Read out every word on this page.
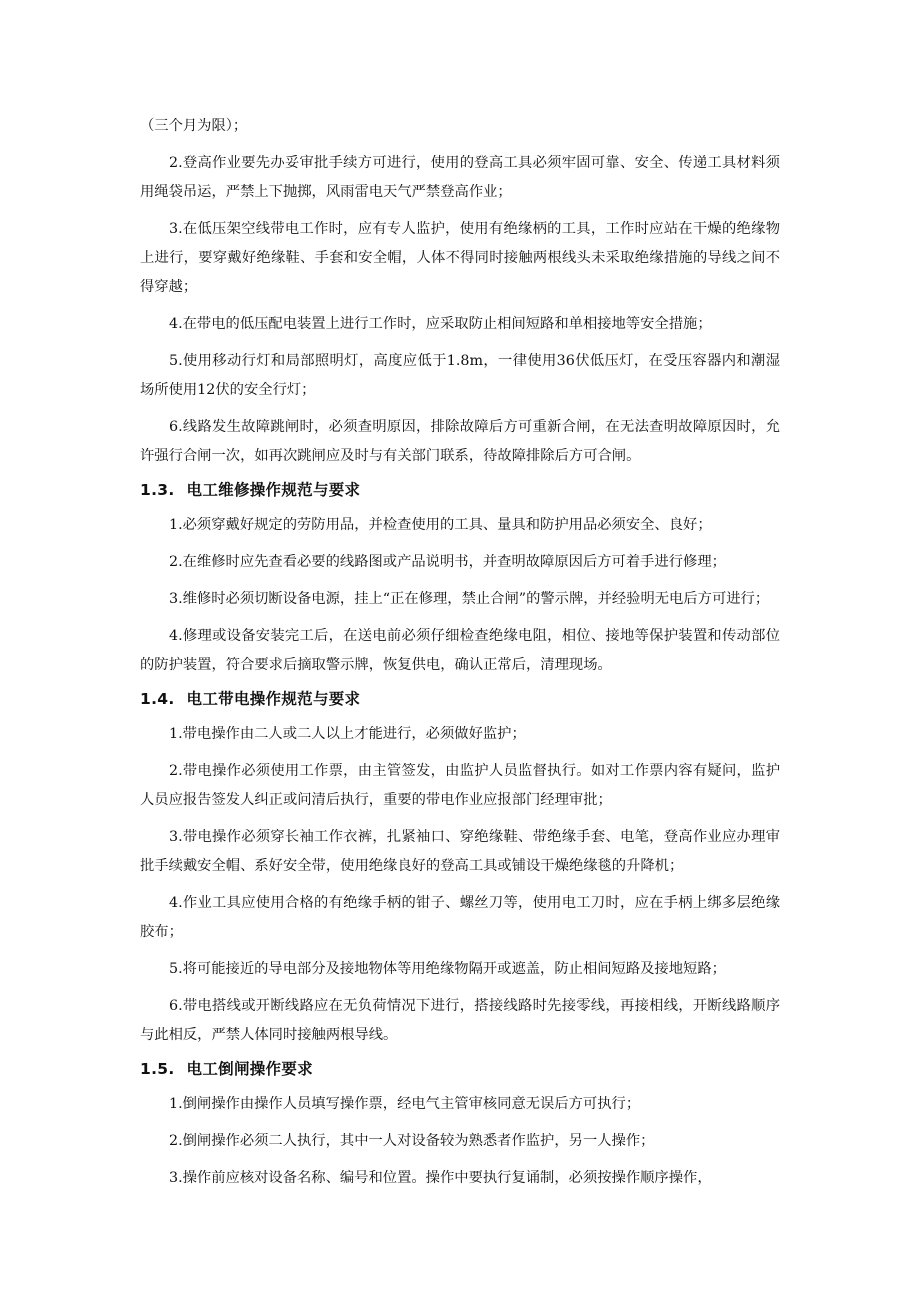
（三个月为限）；

2.登高作业要先办妥审批手续方可进行，使用的登高工具必须牢固可靠、安全、传递工具材料须用绳袋吊运，严禁上下抛掷，风雨雷电天气严禁登高作业；

3.在低压架空线带电工作时，应有专人监护，使用有绝缘柄的工具，工作时应站在干燥的绝缘物上进行，要穿戴好绝缘鞋、手套和安全帽，人体不得同时接触两根线头未采取绝缘措施的导线之间不得穿越；

4.在带电的低压配电装置上进行工作时，应采取防止相间短路和单相接地等安全措施；

5.使用移动行灯和局部照明灯，高度应低于1.8m，一律使用36伏低压灯，在受压容器内和潮湿场所使用12伏的安全行灯；

6.线路发生故障跳闸时，必须查明原因，排除故障后方可重新合闸，在无法查明故障原因时，允许强行合闸一次，如再次跳闸应及时与有关部门联系，待故障排除后方可合闸。

1.3. 电工维修操作规范与要求

1.必须穿戴好规定的劳防用品，并检查使用的工具、量具和防护用品必须安全、良好；

2.在维修时应先查看必要的线路图或产品说明书，并查明故障原因后方可着手进行修理；

3.维修时必须切断设备电源，挂上“正在修理，禁止合闸”的警示牌，并经验明无电后方可进行；

4.修理或设备安装完工后，在送电前必须仔细检查绝缘电阻，相位、接地等保护装置和传动部位的防护装置，符合要求后摘取警示牌，恢复供电，确认正常后，清理现场。

1.4. 电工带电操作规范与要求

1.带电操作由二人或二人以上才能进行，必须做好监护；

2.带电操作必须使用工作票，由主管签发，由监护人员监督执行。如对工作票内容有疑问，监护人员应报告签发人纠正或问清后执行，重要的带电作业应报部门经理审批；

3.带电操作必须穿长袖工作衣裤，扎紧袖口、穿绝缘鞋、带绝缘手套、电笔，登高作业应办理审批手续戴安全帽、系好安全带，使用绝缘良好的登高工具或铺设干燥绝缘毯的升降机；

4.作业工具应使用合格的有绝缘手柄的钳子、螺丝刀等，使用电工刀时，应在手柄上绑多层绝缘胶布；

5.将可能接近的导电部分及接地物体等用绝缘物隔开或遮盖，防止相间短路及接地短路；

6.带电搭线或开断线路应在无负荷情况下进行，搭接线路时先接零线，再接相线，开断线路顺序与此相反，严禁人体同时接触两根导线。

1.5. 电工倒闸操作要求

1.倒闸操作由操作人员填写操作票，经电气主管审核同意无误后方可执行；

2.倒闸操作必须二人执行，其中一人对设备较为熟悉者作监护，另一人操作；

3.操作前应核对设备名称、编号和位置。操作中要执行复诵制，必须按操作顺序操作，
